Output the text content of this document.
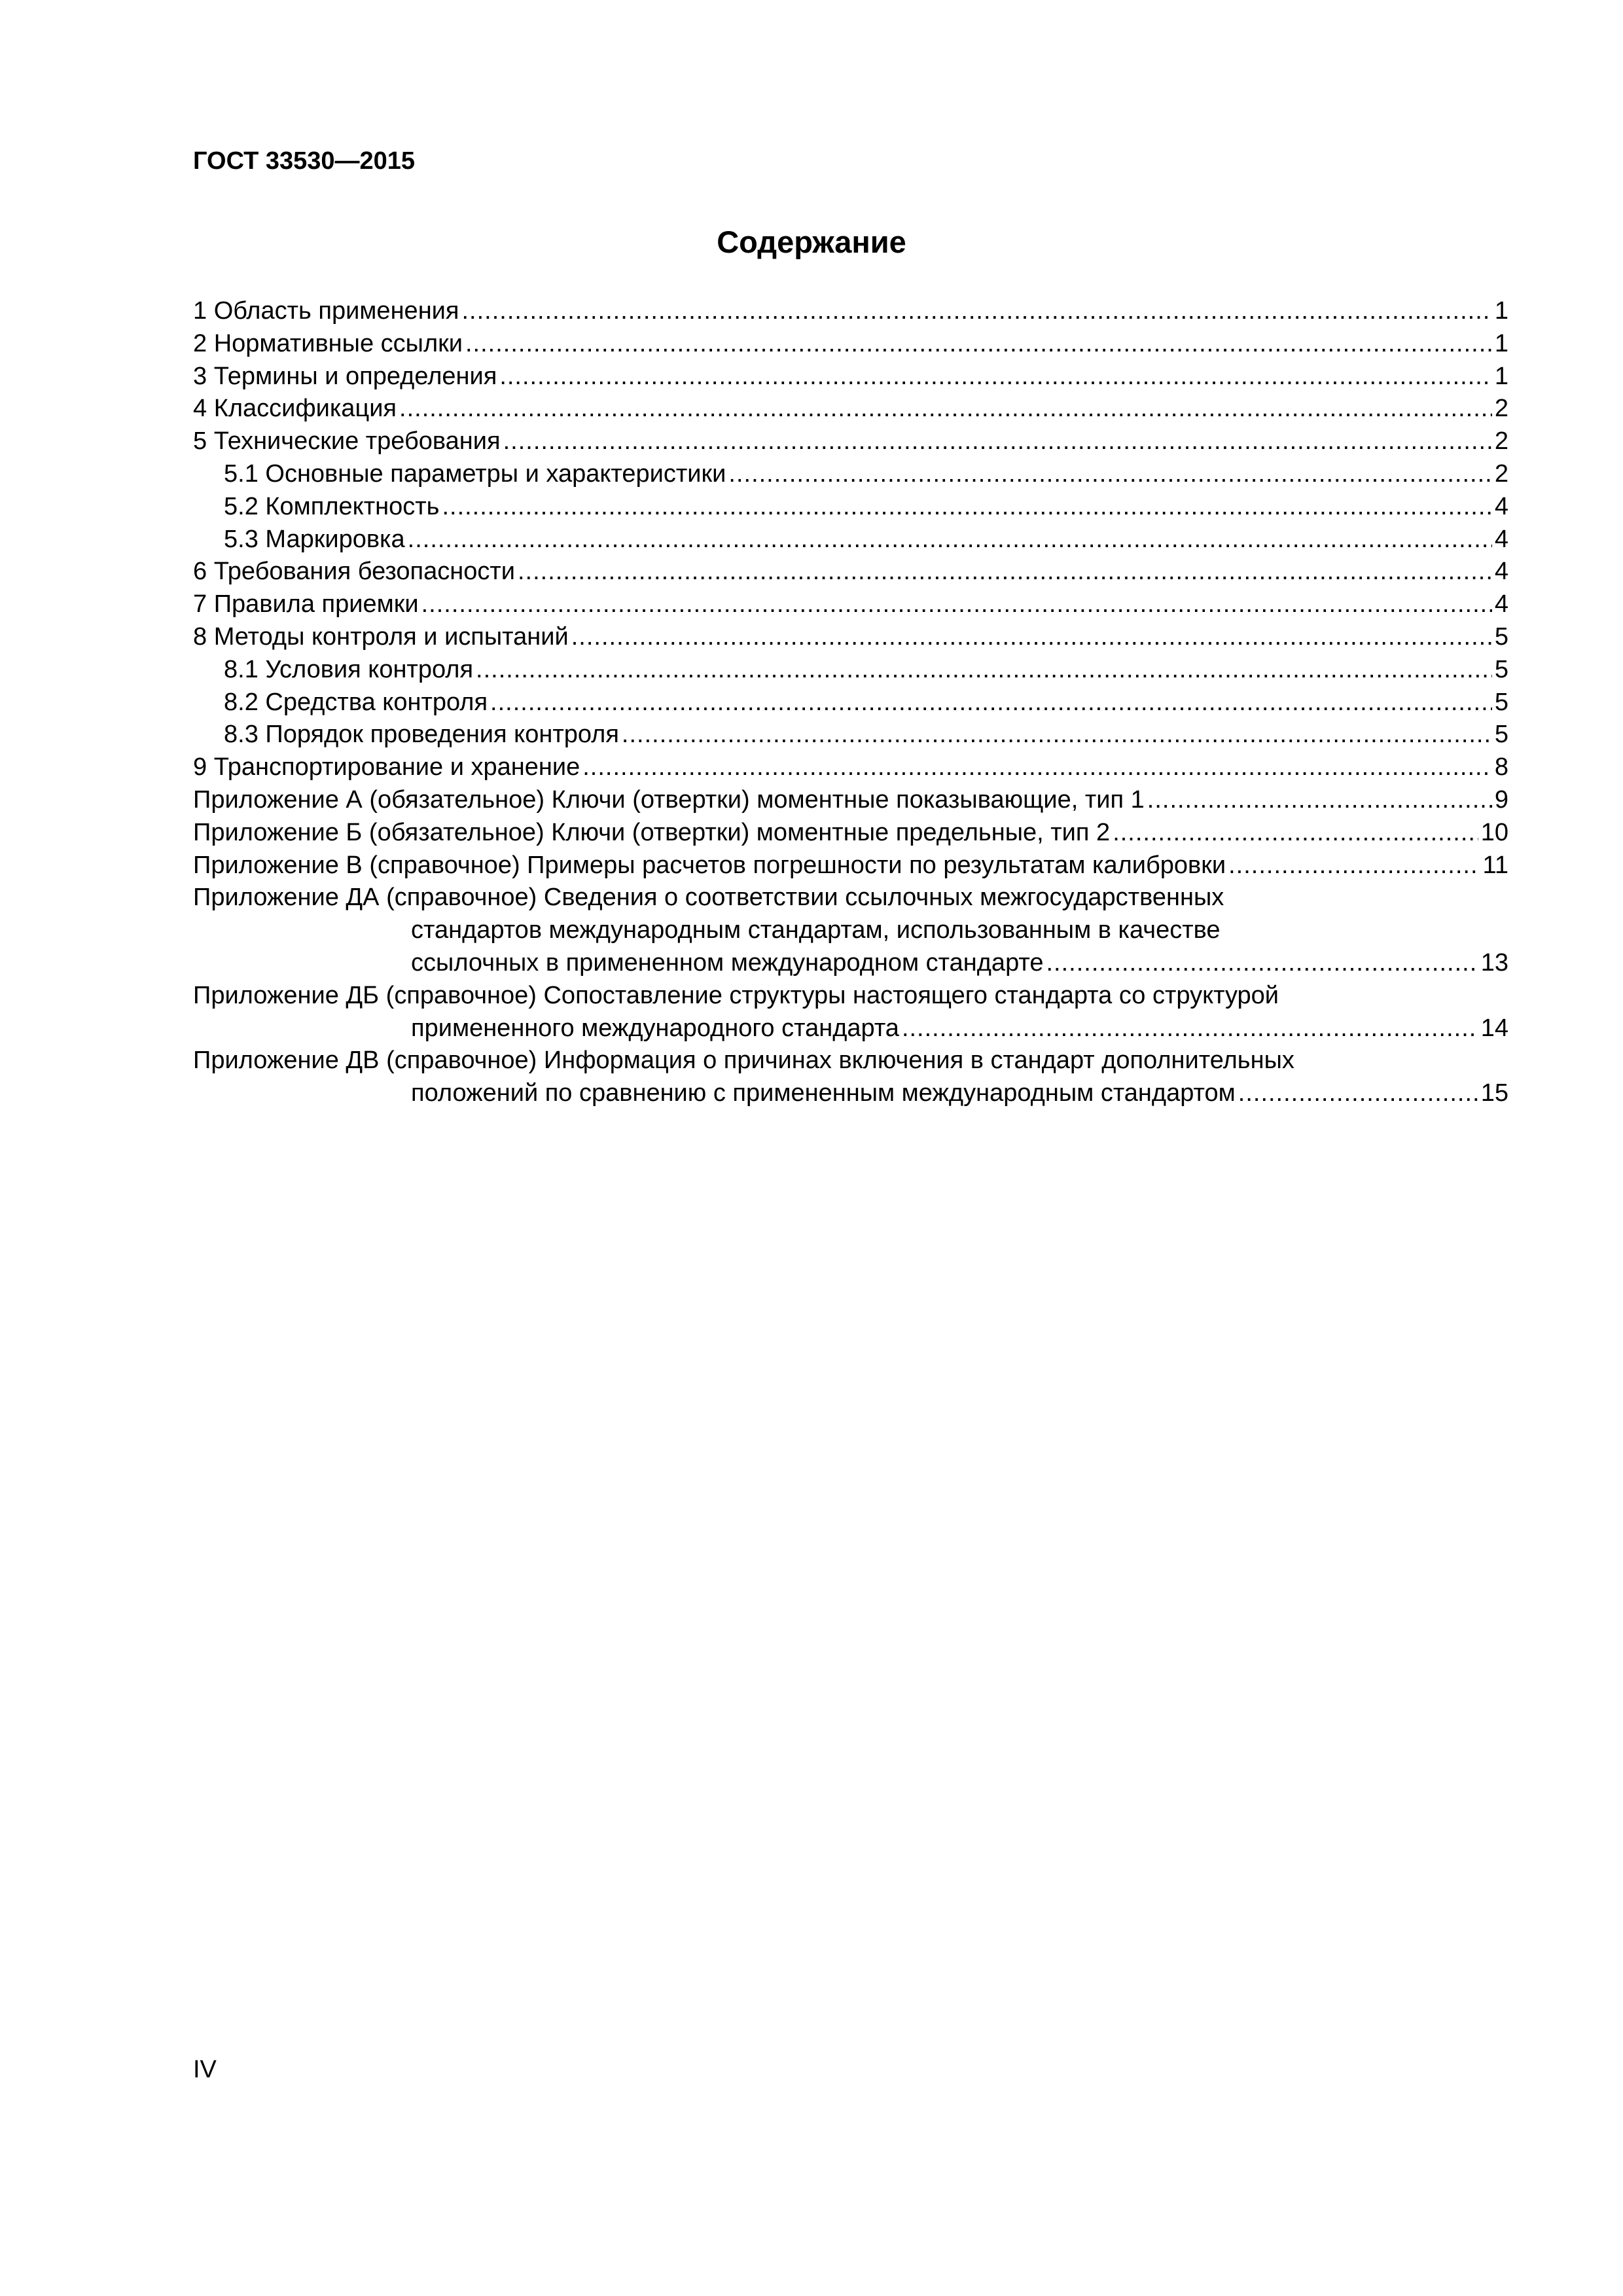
ГОСТ 33530—2015
Содержание
1 Область применения .....	1
2 Нормативные ссылки .....	1
3 Термины и определения .....	1
4 Классификация .....	2
5 Технические требования .....	2
5.1 Основные параметры и характеристики .....	2
5.2 Комплектность .....	4
5.3 Маркировка .....	4
6 Требования безопасности .....	4
7 Правила приемки .....	4
8 Методы контроля и испытаний .....	5
8.1 Условия контроля .....	5
8.2 Средства контроля .....	5
8.3 Порядок проведения контроля .....	5
9 Транспортирование и хранение .....	8
Приложение А (обязательное) Ключи (отвертки) моментные показывающие, тип 1 .....	9
Приложение Б (обязательное) Ключи (отвертки) моментные предельные, тип 2 .....	10
Приложение В (справочное) Примеры расчетов погрешности по результатам калибровки .....	11
Приложение ДА (справочное) Сведения о соответствии ссылочных межгосударственных
стандартов международным стандартам, использованным в качестве
ссылочных в примененном международном стандарте .....	13
Приложение ДБ (справочное) Сопоставление структуры настоящего стандарта со структурой
примененного международного стандарта .....	14
Приложение ДВ (справочное) Информация о причинах включения в стандарт дополнительных
положений по сравнению с примененным международным стандартом .....	15
IV
